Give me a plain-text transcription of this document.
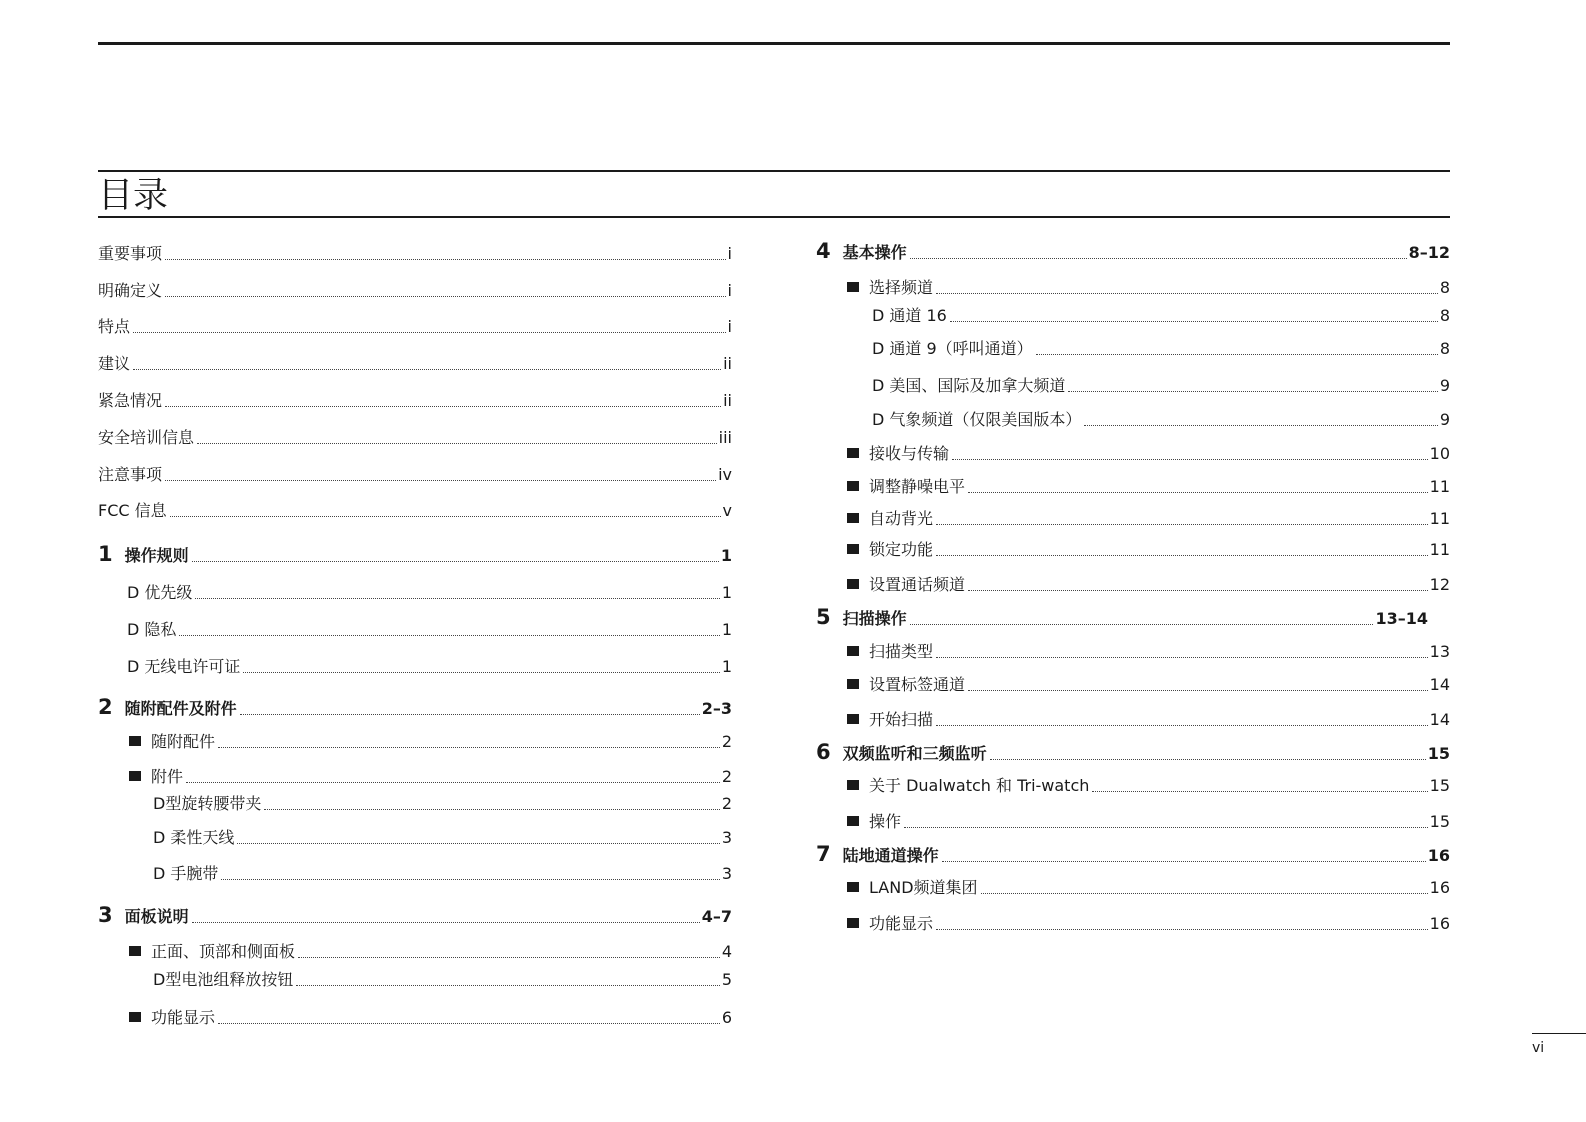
目录
重要事项	i
明确定义	i
特点	i
建议	ii
紧急情况	ii
安全培训信息	iii
注意事项	iv
FCC 信息	v
1 操作规则	1
D 优先级	1
D 隐私	1
D 无线电许可证	1
2 随附配件及附件	2–3
随附配件	2
附件	2
D型旋转腰带夹	2
D 柔性天线	3
D 手腕带	3
3 面板说明	4–7
正面、顶部和侧面板	4
D型电池组释放按钮	5
功能显示	6
4 基本操作	8–12
选择频道	8
D 通道 16	8
D 通道 9（呼叫通道）	8
D 美国、国际及加拿大频道	9
D 气象频道（仅限美国版本）	9
接收与传输	10
调整静噪电平	11
自动背光	11
锁定功能	11
设置通话频道	12
5 扫描操作	13–14
扫描类型	13
设置标签通道	14
开始扫描	14
6 双频监听和三频监听	15
关于 Dualwatch 和 Tri-watch	15
操作	15
7 陆地通道操作	16
LAND频道集团	16
功能显示	16
vi
